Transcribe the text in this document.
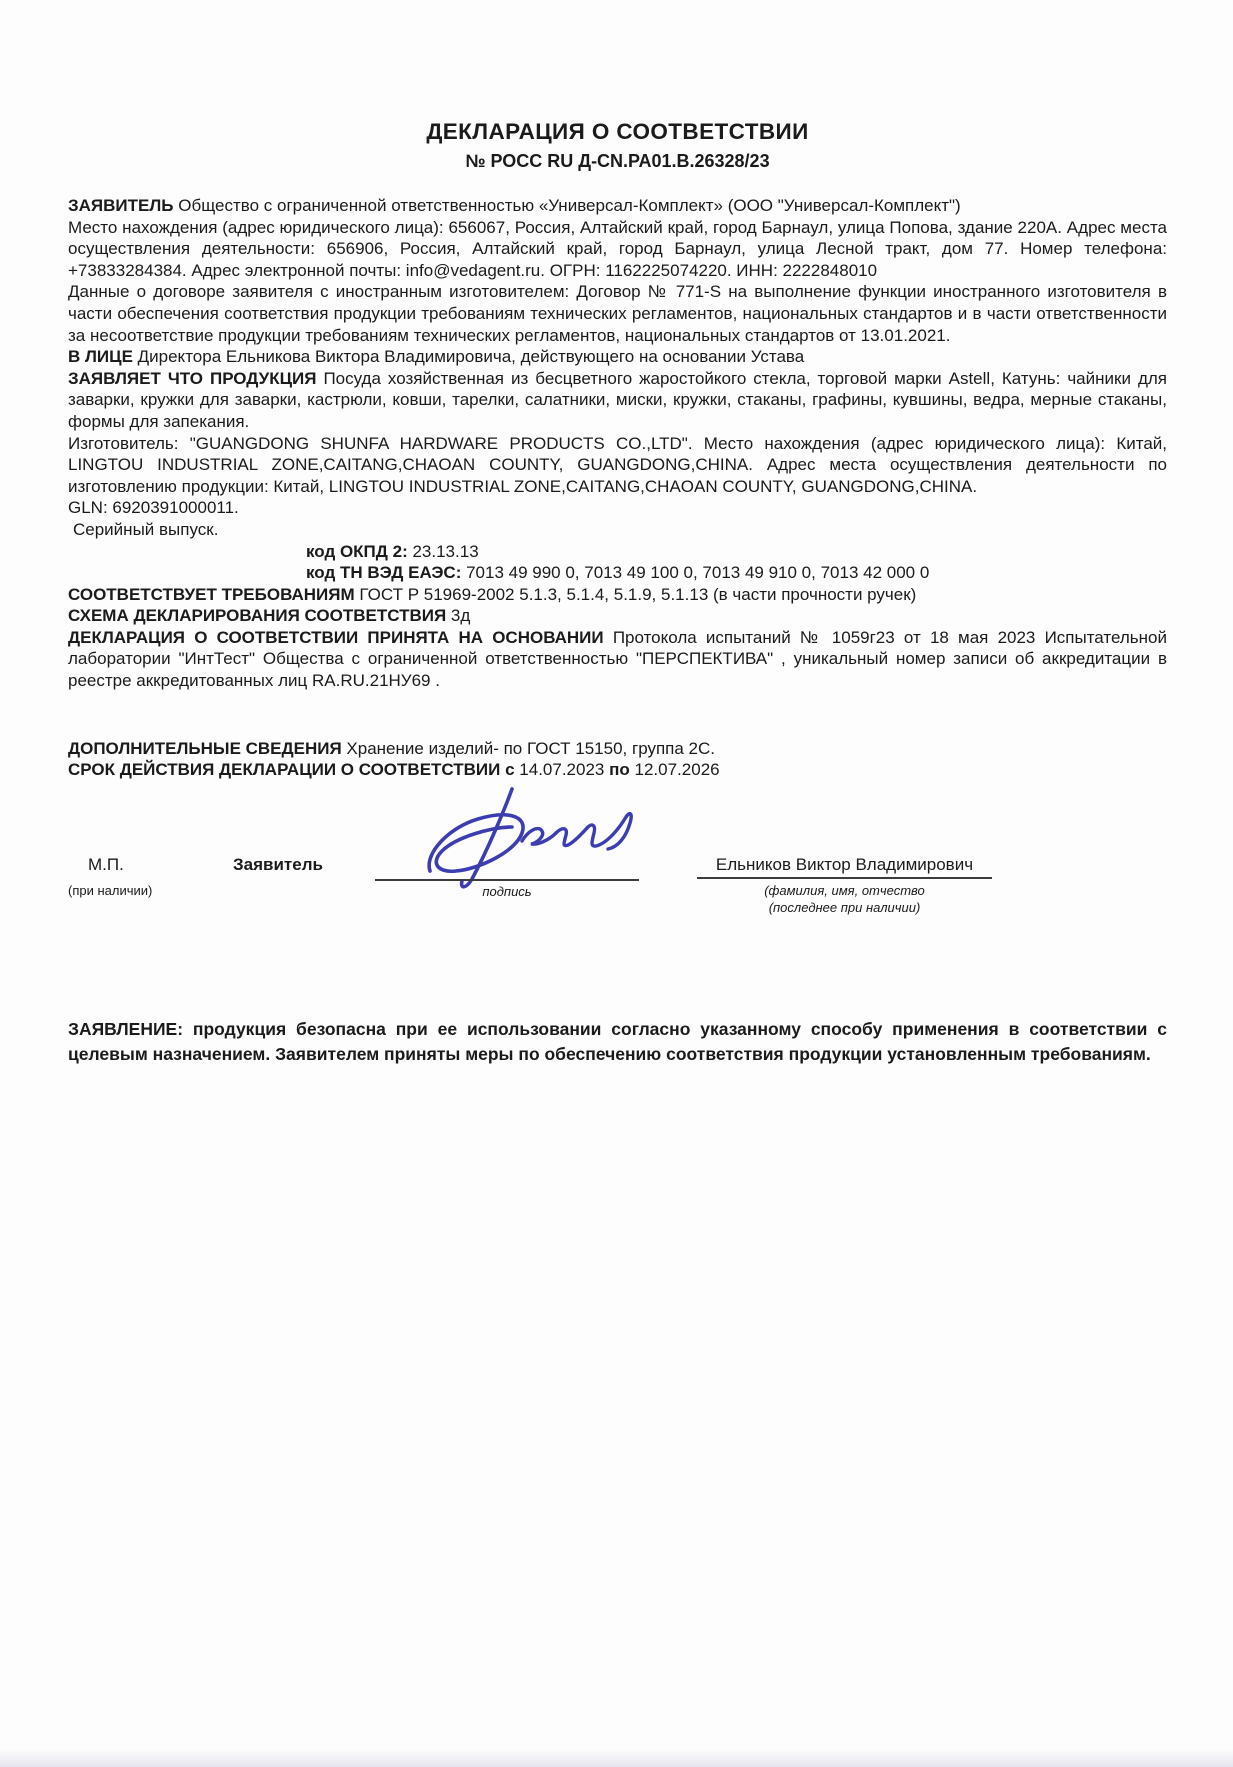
ДЕКЛАРАЦИЯ О СООТВЕТСТВИИ
№ РОСС RU Д-CN.РА01.В.26328/23

ЗАЯВИТЕЛЬ Общество с ограниченной ответственностью «Универсал-Комплект» (ООО "Универсал-Комплект")

Место нахождения (адрес юридического лица): 656067, Россия, Алтайский край, город Барнаул, улица Попова, здание 220А. Адрес места осуществления деятельности: 656906, Россия, Алтайский край, город Барнаул, улица Лесной тракт, дом 77. Номер телефона: +73833284384. Адрес электронной почты: info@vedagent.ru. ОГРН: 1162225074220. ИНН: 2222848010

Данные о договоре заявителя с иностранным изготовителем: Договор № 771-S на выполнение функции иностранного изготовителя в части обеспечения соответствия продукции требованиям технических регламентов, национальных стандартов и в части ответственности за несоответствие продукции требованиям технических регламентов, национальных стандартов от 13.01.2021.

В ЛИЦЕ Директора Ельникова Виктора Владимировича, действующего на основании Устава

ЗАЯВЛЯЕТ ЧТО ПРОДУКЦИЯ Посуда хозяйственная из бесцветного жаростойкого стекла, торговой марки Astell, Катунь: чайники для заварки, кружки для заварки, кастрюли, ковши, тарелки, салатники, миски, кружки, стаканы, графины, кувшины, ведра, мерные стаканы, формы для запекания.

Изготовитель: "GUANGDONG SHUNFA HARDWARE PRODUCTS CO.,LTD". Место нахождения (адрес юридического лица): Китай, LINGTOU INDUSTRIAL ZONE,CAITANG,CHAOAN COUNTY, GUANGDONG,CHINA. Адрес места осуществления деятельности по изготовлению продукции: Китай, LINGTOU INDUSTRIAL ZONE,CAITANG,CHAOAN COUNTY, GUANGDONG,CHINA.

GLN: 6920391000011.

Серийный выпуск.

код ОКПД 2: 23.13.13

код ТН ВЭД ЕАЭС: 7013 49 990 0, 7013 49 100 0, 7013 49 910 0, 7013 42 000 0

СООТВЕТСТВУЕТ ТРЕБОВАНИЯМ ГОСТ Р 51969-2002 5.1.3, 5.1.4, 5.1.9, 5.1.13 (в части прочности ручек)

СХЕМА ДЕКЛАРИРОВАНИЯ СООТВЕТСТВИЯ 3д

ДЕКЛАРАЦИЯ О СООТВЕТСТВИИ ПРИНЯТА НА ОСНОВАНИИ Протокола испытаний № 1059г23 от 18 мая 2023 Испытательной лаборатории "ИнтТест" Общества с ограниченной ответственностью "ПЕРСПЕКТИВА" , уникальный номер записи об аккредитации в реестре аккредитованных лиц RA.RU.21НУ69 .

ДОПОЛНИТЕЛЬНЫЕ СВЕДЕНИЯ Хранение изделий- по ГОСТ 15150, группа 2С.

СРОК ДЕЙСТВИЯ ДЕКЛАРАЦИИ О СООТВЕТСТВИИ с 14.07.2023 по 12.07.2026

М.П.
(при наличии)
Заявитель
подпись
Ельников Виктор Владимирович
(фамилия, имя, отчество
(последнее при наличии)

ЗАЯВЛЕНИЕ: продукция безопасна при ее использовании согласно указанному способу применения в соответствии с целевым назначением. Заявителем приняты меры по обеспечению соответствия продукции установленным требованиям.
